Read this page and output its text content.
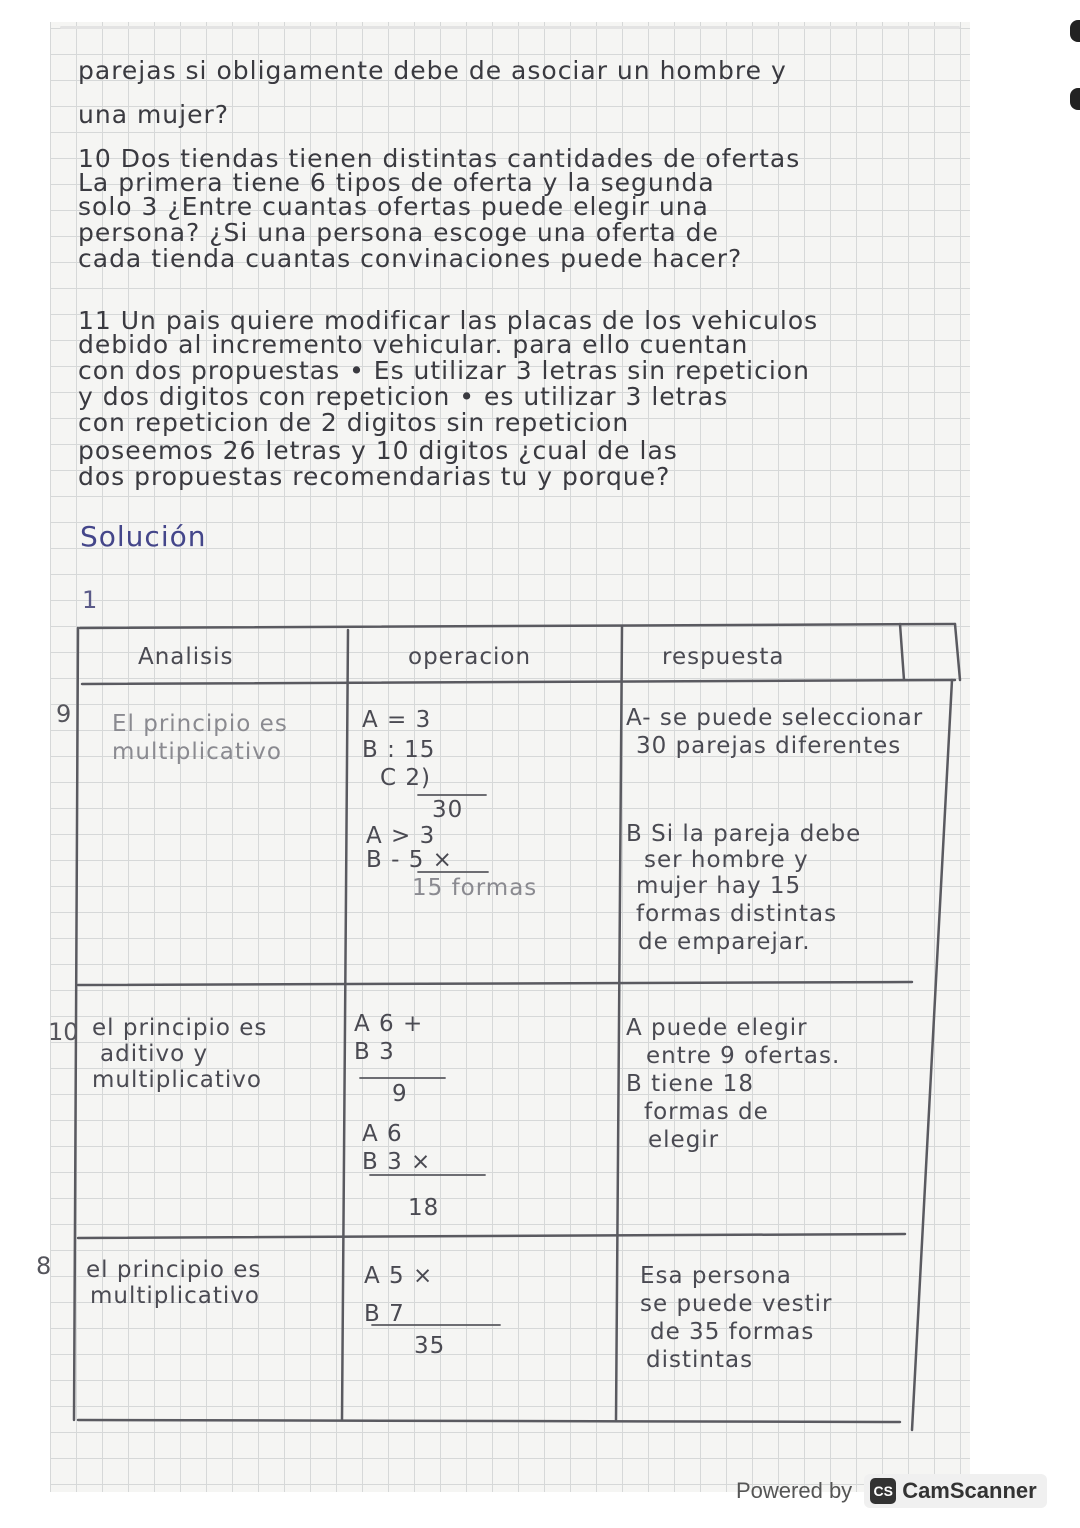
parejas si obligamente debe de asociar un hombre y
una mujer?
10 Dos tiendas tienen distintas cantidades de ofertas
La primera tiene 6 tipos de oferta y la segunda
solo 3 ¿Entre cuantas ofertas puede elegir una
persona? ¿Si una persona escoge una oferta de
cada tienda cuantas convinaciones puede hacer?
11 Un pais quiere modificar las placas de los vehiculos
debido al incremento vehicular. para ello cuentan
con dos propuestas • Es utilizar 3 letras sin repeticion
y dos digitos con repeticion • es utilizar 3 letras
con repeticion de 2 digitos sin repeticion
poseemos 26 letras y 10 digitos ¿cual de las
dos propuestas recomendarias tu y porque?
Solución
1
Analisis	operacion	respuesta
9 El principio es
multiplicativo
A = 3
B : 15
C 2)
30
A > 3
B - 5 ×
15 formas
A- se puede seleccionar
30 parejas diferentes
B Si la pareja debe
ser hombre y
mujer hay 15
formas distintas
de emparejar.
10 el principio es
aditivo y
multiplicativo
A 6 +
B 3
9
A 6
B 3 ×
18
A puede elegir
entre 9 ofertas.
B tiene 18
formas de
elegir
8 el principio es
multiplicativo
A 5 ×
B 7
35
Esa persona
se puede vestir
de 35 formas
distintas
Powered by CS CamScanner
